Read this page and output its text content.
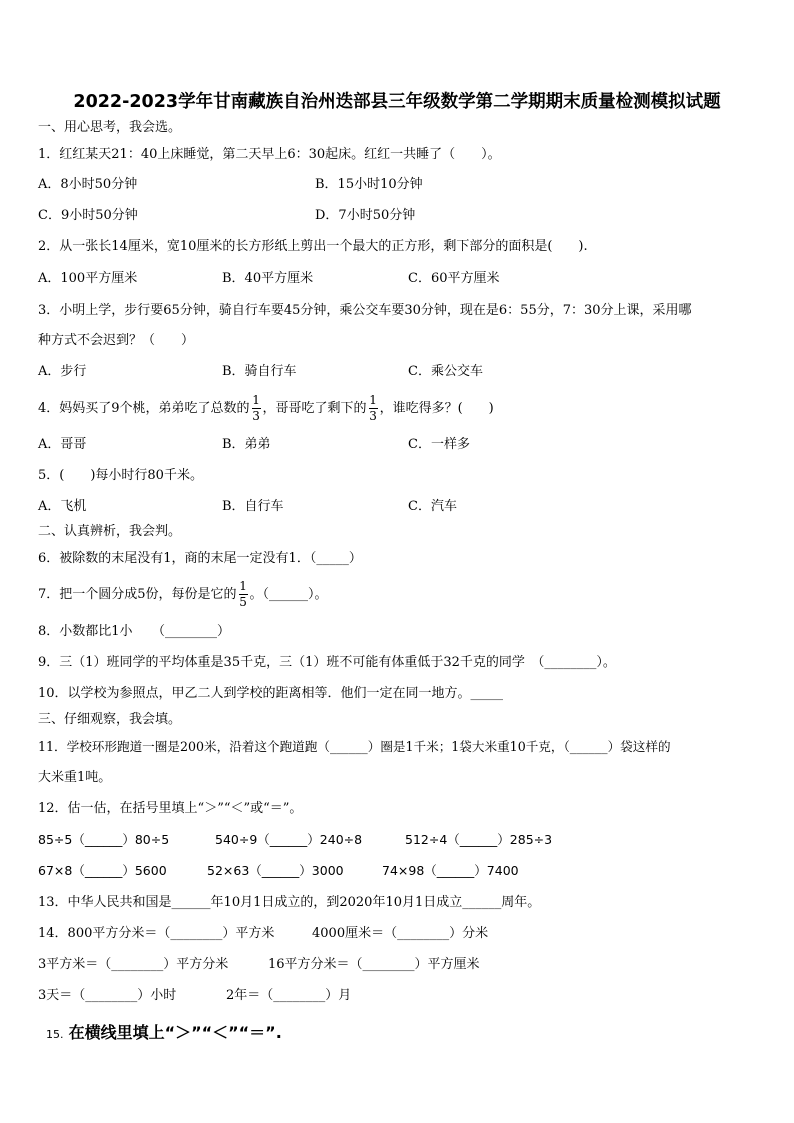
2022-2023学年甘南藏族自治州迭部县三年级数学第二学期期末质量检测模拟试题
一、用心思考，我会选。
1．红红某天21：40上床睡觉，第二天早上6：30起床。红红一共睡了（　　）。
A．8小时50分钟	B．15小时10分钟
C．9小时50分钟	D．7小时50分钟
2．从一张长14厘米，宽10厘米的长方形纸上剪出一个最大的正方形，剩下部分的面积是(　　).
A．100平方厘米	B．40平方厘米	C．60平方厘米
3．小明上学，步行要65分钟，骑自行车要45分钟，乘公交车要30分钟，现在是6：55分，7：30分上课，采用哪
种方式不会迟到？（　　）
A．步行	B．骑自行车	C．乘公交车
4．妈妈买了9个桃，弟弟吃了总数的 $\frac{1}{3}$ ，哥哥吃了剩下的 $\frac{1}{3}$ ，谁吃得多？(　　)
A．哥哥	B．弟弟	C．一样多
5．(　　)每小时行80千米。
A．飞机	B．自行车	C．汽车
二、认真辨析，我会判。
6．被除数的末尾没有1，商的末尾一定没有1．（_____）
7．把一个圆分成5份，每份是它的 $\frac{1}{5}$ 。（______）。
8．小数都比1小　　（________）
9．三（1）班同学的平均体重是35千克，三（1）班不可能有体重低于32千克的同学　（________）。
10．以学校为参照点，甲乙二人到学校的距离相等．他们一定在同一地方。_____
三、仔细观察，我会填。
11．学校环形跑道一圈是200米，沿着这个跑道跑（______）圈是1千米；1袋大米重10千克，（______）袋这样的
大米重1吨。
12．估一估，在括号里填上“＞”“＜”或“＝”。
85÷5（______）80÷5	540÷9（______）240÷8	512÷4（______）285÷3
67×8（______）5600	52×63（______）3000	74×98（______）7400
13．中华人民共和国是______年10月1日成立的，到2020年10月1日成立______周年。
14．800平方分米＝（________）平方米	4000厘米＝（________）分米
3平方米＝（________）平方分米	16平方分米＝（________）平方厘米
3天＝（________）小时	2年＝（________）月
15. 在横线里填上“＞”“＜”“＝”.
